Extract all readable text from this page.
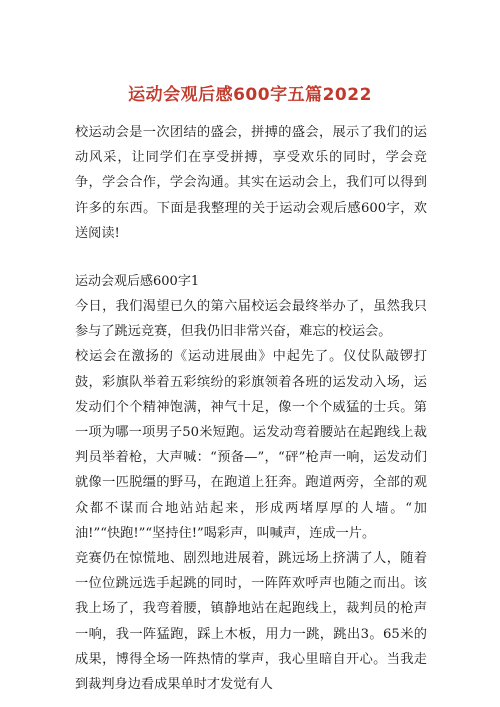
运动会观后感600字五篇2022

校运动会是一次团结的盛会，拼搏的盛会，展示了我们的运动风采，让同学们在享受拼搏，享受欢乐的同时，学会竞争，学会合作，学会沟通。其实在运动会上，我们可以得到许多的东西。下面是我整理的关于运动会观后感600字，欢送阅读!

运动会观后感600字1

今日，我们渴望已久的第六届校运会最终举办了，虽然我只参与了跳远竞赛，但我仍旧非常兴奋，难忘的校运会。

校运会在激扬的《运动进展曲》中起先了。仪仗队敲锣打鼓，彩旗队举着五彩缤纷的彩旗领着各班的运发动入场，运发动们个个精神饱满，神气十足，像一个个威猛的士兵。第一项为哪一项男子50米短跑。运发动弯着腰站在起跑线上裁判员举着枪，大声喊：“预备—”，“砰”枪声一响，运发动们就像一匹脱缰的野马，在跑道上狂奔。跑道两旁，全部的观众都不谋而合地站站起来，形成两堵厚厚的人墙。“加油!”“快跑!”“坚持住!”喝彩声，叫喊声，连成一片。

竞赛仍在惊慌地、剧烈地进展着，跳远场上挤满了人，随着一位位跳远选手起跳的同时，一阵阵欢呼声也随之而出。该我上场了，我弯着腰，镇静地站在起跑线上，裁判员的枪声一响，我一阵猛跑，踩上木板，用力一跳，跳出3。65米的成果，博得全场一阵热情的掌声，我心里暗自开心。当我走到裁判身边看成果单时才发觉有人
